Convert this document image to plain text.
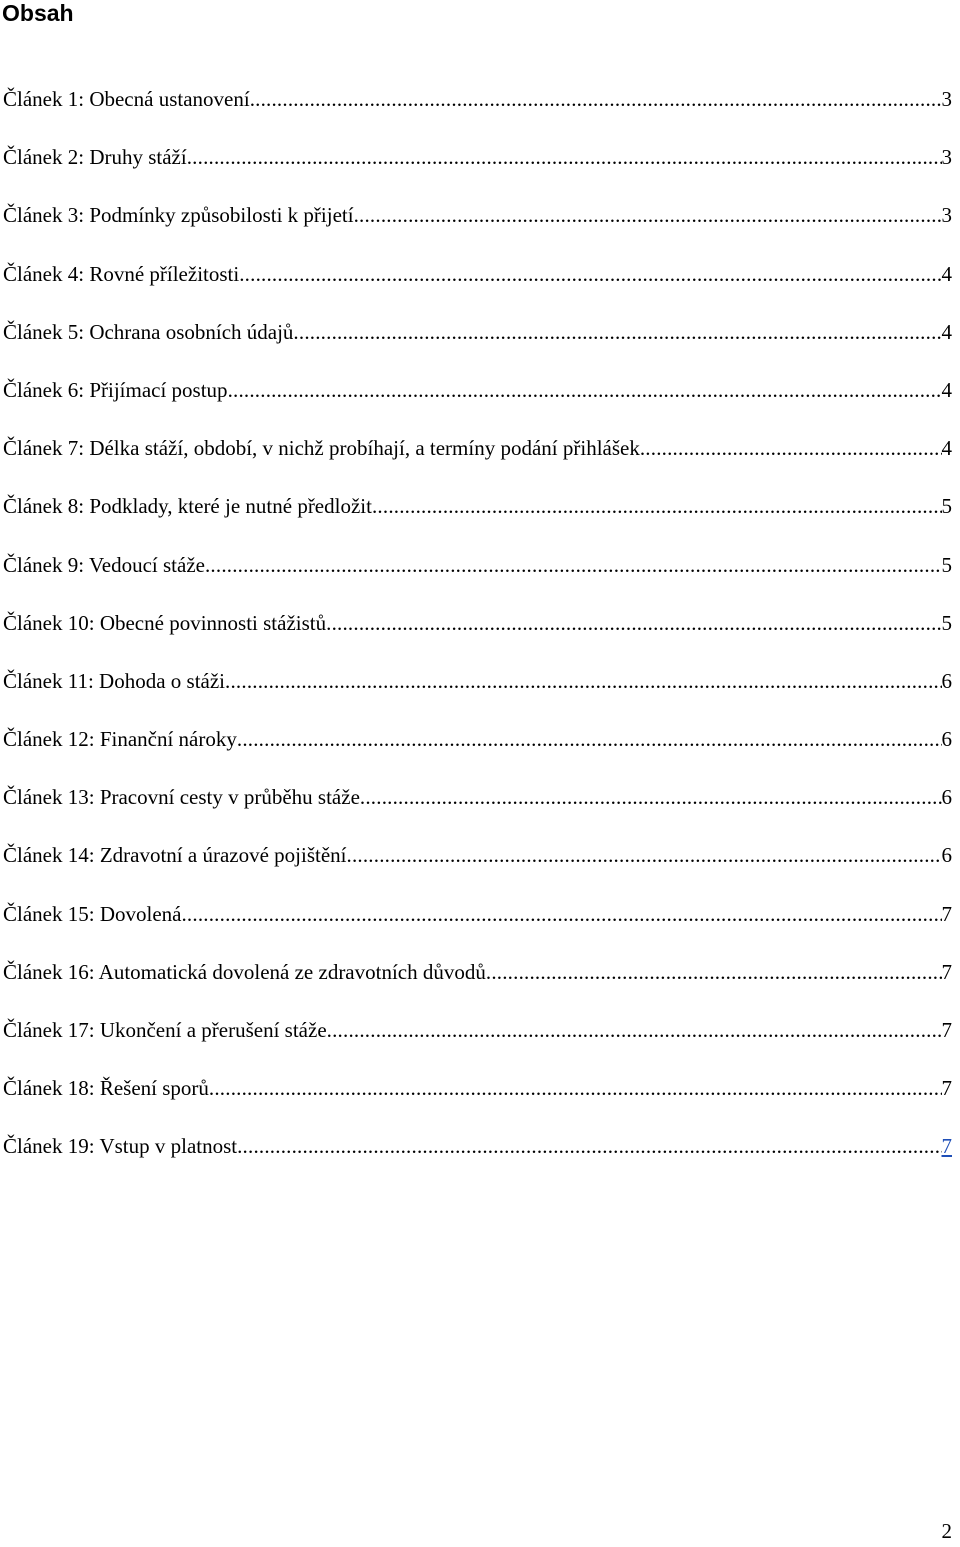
Obsah
Článek 1: Obecná ustanovení .....	3
Článek 2: Druhy stáží .....	3
Článek 3: Podmínky způsobilosti k přijetí .....	3
Článek 4: Rovné příležitosti .....	4
Článek 5: Ochrana osobních údajů .....	4
Článek 6: Přijímací postup .....	4
Článek 7: Délka stáží, období, v nichž probíhají, a termíny podání přihlášek .....	4
Článek 8: Podklady, které je nutné předložit .....	5
Článek 9: Vedoucí stáže .....	5
Článek 10: Obecné povinnosti stážistů .....	5
Článek 11: Dohoda o stáži .....	6
Článek 12: Finanční nároky .....	6
Článek 13: Pracovní cesty v průběhu stáže .....	6
Článek 14: Zdravotní a úrazové pojištění .....	6
Článek 15: Dovolená .....	7
Článek 16: Automatická dovolená ze zdravotních důvodů .....	7
Článek 17: Ukončení a přerušení stáže .....	7
Článek 18: Řešení sporů .....	7
Článek 19: Vstup v platnost .....	7
2
